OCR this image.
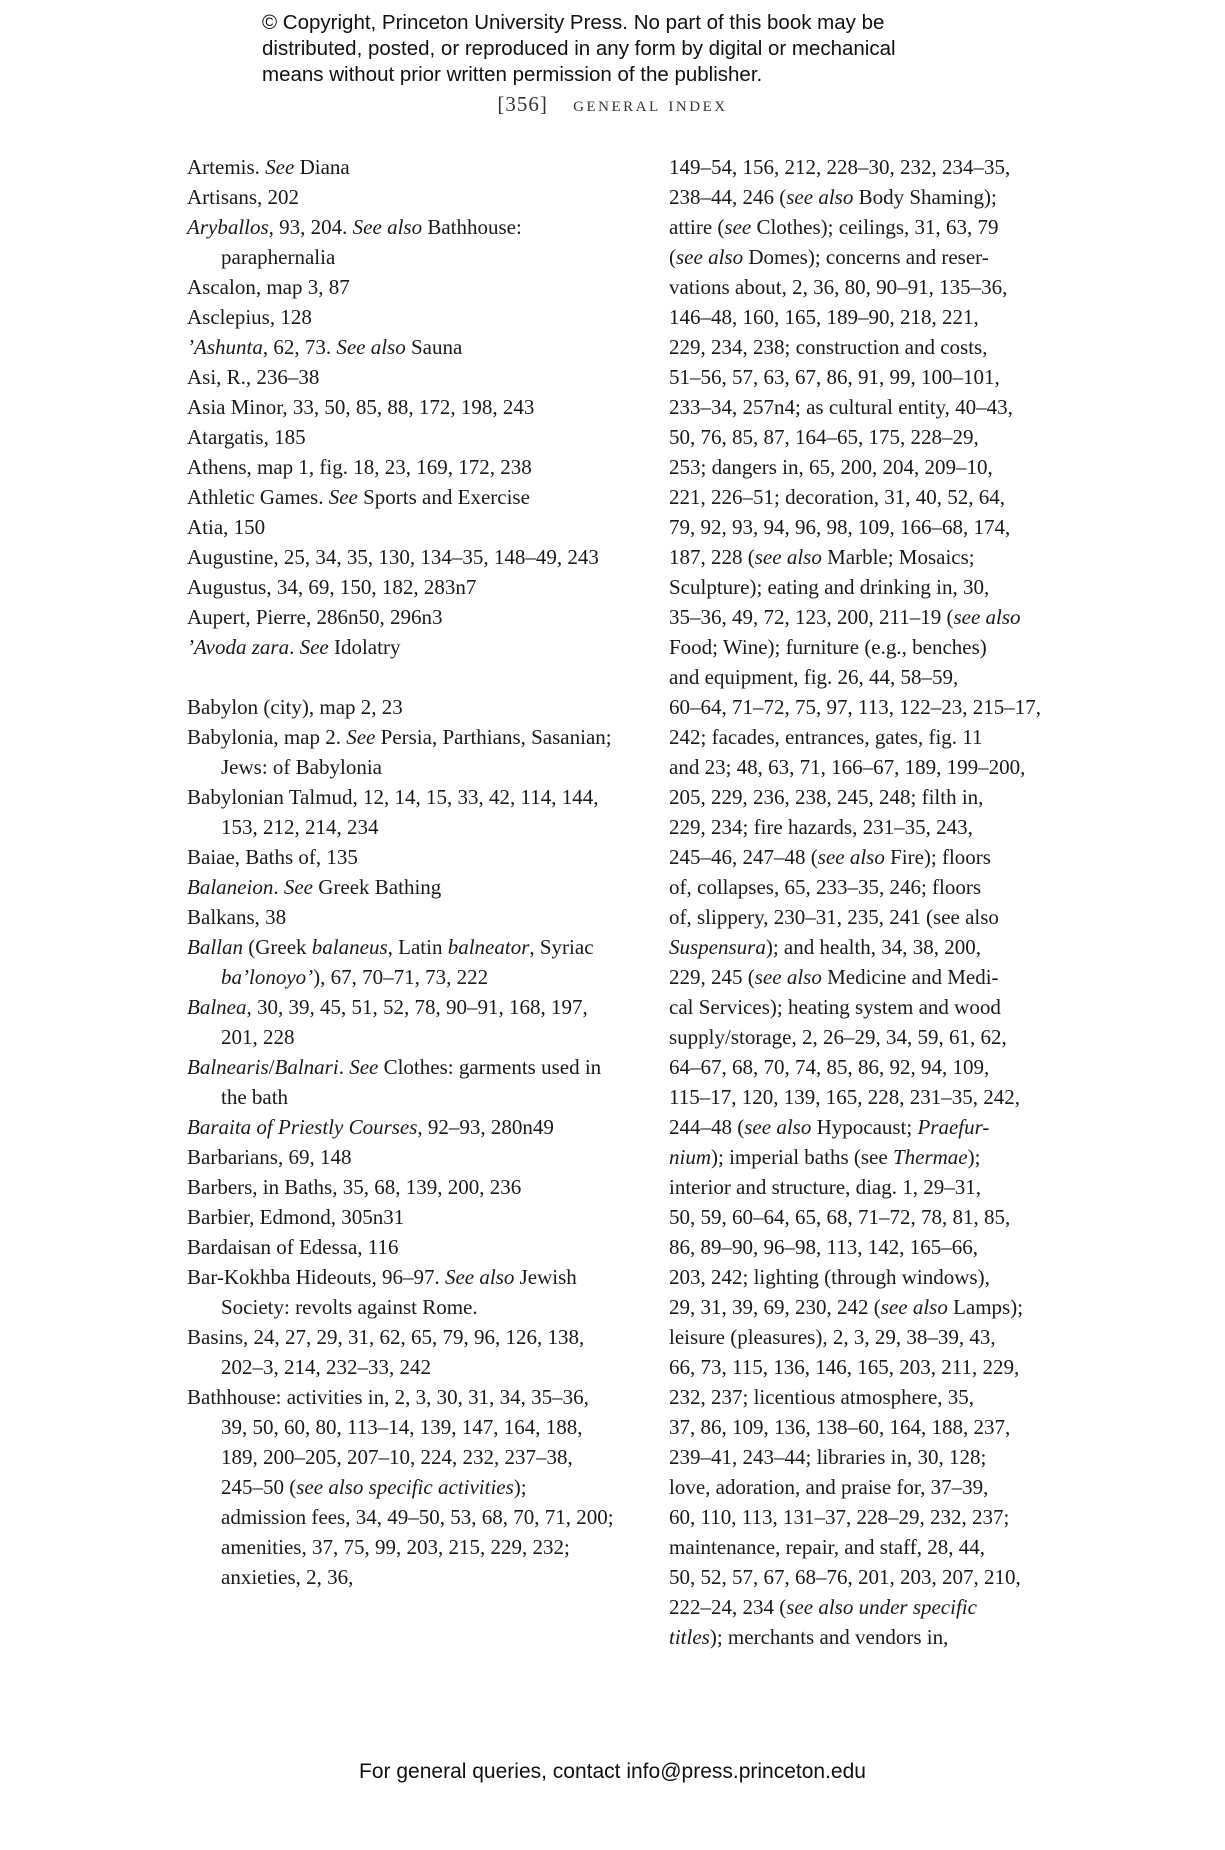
© Copyright, Princeton University Press. No part of this book may be
distributed, posted, or reproduced in any form by digital or mechanical
means without prior written permission of the publisher.
[356] general index
Artemis. See Diana
Artisans, 202
Aryballos, 93, 204. See also Bathhouse: paraphernalia
Ascalon, map 3, 87
Asclepius, 128
’Ashunta, 62, 73. See also Sauna
Asi, R., 236–38
Asia Minor, 33, 50, 85, 88, 172, 198, 243
Atargatis, 185
Athens, map 1, fig. 18, 23, 169, 172, 238
Athletic Games. See Sports and Exercise
Atia, 150
Augustine, 25, 34, 35, 130, 134–35, 148–49, 243
Augustus, 34, 69, 150, 182, 283n7
Aupert, Pierre, 286n50, 296n3
’Avoda zara. See Idolatry
Babylon (city), map 2, 23
Babylonia, map 2. See Persia, Parthians, Sasanian; Jews: of Babylonia
Babylonian Talmud, 12, 14, 15, 33, 42, 114, 144, 153, 212, 214, 234
Baiae, Baths of, 135
Balaneion. See Greek Bathing
Balkans, 38
Ballan (Greek balaneus, Latin balneator, Syriac ba’lonoyo’), 67, 70–71, 73, 222
Balnea, 30, 39, 45, 51, 52, 78, 90–91, 168, 197, 201, 228
Balnearis/Balnari. See Clothes: garments used in the bath
Baraita of Priestly Courses, 92–93, 280n49
Barbarians, 69, 148
Barbers, in Baths, 35, 68, 139, 200, 236
Barbier, Edmond, 305n31
Bardaisan of Edessa, 116
Bar-Kokhba Hideouts, 96–97. See also Jewish Society: revolts against Rome.
Basins, 24, 27, 29, 31, 62, 65, 79, 96, 126, 138, 202–3, 214, 232–33, 242
Bathhouse: activities in, 2, 3, 30, 31, 34, 35–36, 39, 50, 60, 80, 113–14, 139, 147, 164, 188, 189, 200–205, 207–10, 224, 232, 237–38, 245–50 (see also specific activities); admission fees, 34, 49–50, 53, 68, 70, 71, 200; amenities, 37, 75, 99, 203, 215, 229, 232; anxieties, 2, 36,
149–54, 156, 212, 228–30, 232, 234–35,
238–44, 246 (see also Body Shaming);
attire (see Clothes); ceilings, 31, 63, 79
(see also Domes); concerns and reser-
vations about, 2, 36, 80, 90–91, 135–36,
146–48, 160, 165, 189–90, 218, 221,
229, 234, 238; construction and costs,
51–56, 57, 63, 67, 86, 91, 99, 100–101,
233–34, 257n4; as cultural entity, 40–43,
50, 76, 85, 87, 164–65, 175, 228–29,
253; dangers in, 65, 200, 204, 209–10,
221, 226–51; decoration, 31, 40, 52, 64,
79, 92, 93, 94, 96, 98, 109, 166–68, 174,
187, 228 (see also Marble; Mosaics;
Sculpture); eating and drinking in, 30,
35–36, 49, 72, 123, 200, 211–19 (see also
Food; Wine); furniture (e.g., benches)
and equipment, fig. 26, 44, 58–59,
60–64, 71–72, 75, 97, 113, 122–23, 215–17,
242; facades, entrances, gates, fig. 11
and 23; 48, 63, 71, 166–67, 189, 199–200,
205, 229, 236, 238, 245, 248; filth in,
229, 234; fire hazards, 231–35, 243,
245–46, 247–48 (see also Fire); floors
of, collapses, 65, 233–35, 246; floors
of, slippery, 230–31, 235, 241 (see also
Suspensura); and health, 34, 38, 200,
229, 245 (see also Medicine and Medi-
cal Services); heating system and wood
supply/storage, 2, 26–29, 34, 59, 61, 62,
64–67, 68, 70, 74, 85, 86, 92, 94, 109,
115–17, 120, 139, 165, 228, 231–35, 242,
244–48 (see also Hypocaust; Praefur-
nium); imperial baths (see Thermae);
interior and structure, diag. 1, 29–31,
50, 59, 60–64, 65, 68, 71–72, 78, 81, 85,
86, 89–90, 96–98, 113, 142, 165–66,
203, 242; lighting (through windows),
29, 31, 39, 69, 230, 242 (see also Lamps);
leisure (pleasures), 2, 3, 29, 38–39, 43,
66, 73, 115, 136, 146, 165, 203, 211, 229,
232, 237; licentious atmosphere, 35,
37, 86, 109, 136, 138–60, 164, 188, 237,
239–41, 243–44; libraries in, 30, 128;
love, adoration, and praise for, 37–39,
60, 110, 113, 131–37, 228–29, 232, 237;
maintenance, repair, and staff, 28, 44,
50, 52, 57, 67, 68–76, 201, 203, 207, 210,
222–24, 234 (see also under specific
titles); merchants and vendors in,
For general queries, contact info@press.princeton.edu
